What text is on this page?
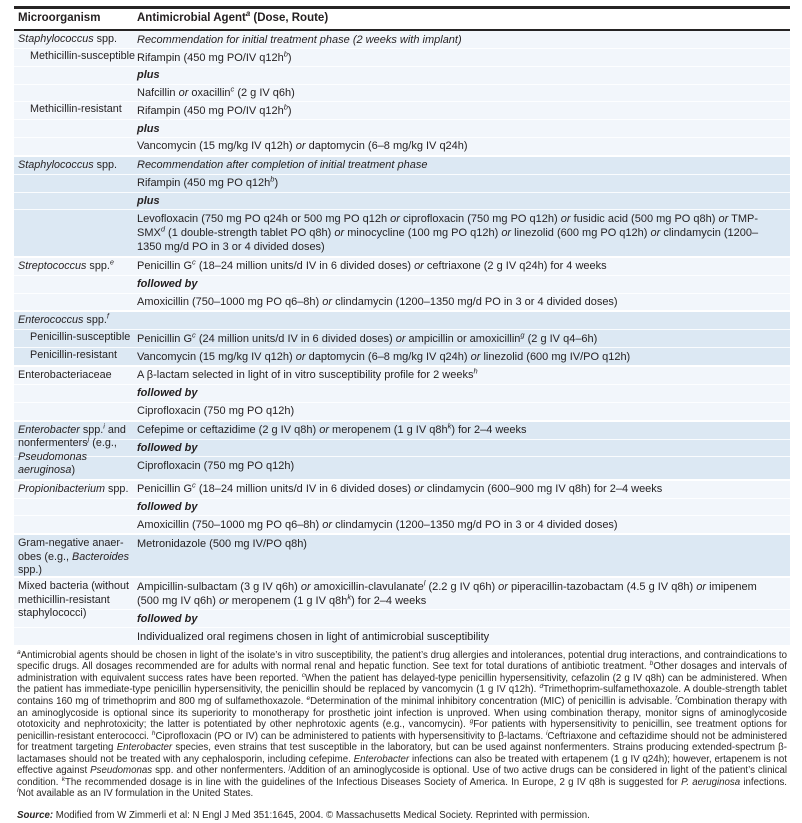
Microorganism	Antimicrobial Agent$^a$ (Dose, Route)
Recommendation for initial treatment phase (2 weeks with implant)
Rifampin (450 mg PO/IV $q12h^b$)
plus
Nafcillin or oxacillin$^c$ (2 g IV q6h)
Rifampin (450 mg PO/IV $q12h^b$)
plus
Vancomycin (15 mg/kg IV q12h) or daptomycin (6–8 mg/kg IV q24h)
Staphylococcus spp.
Methicillin-susceptible
Methicillin-resistant
Recommendation after completion of initial treatment phase
Rifampin (450 mg PO $q12h^b$)
plus
Levofloxacin (750 mg PO q24h or 500 mg PO q12h or ciprofloxacin (750 mg PO q12h) or fusidic acid (500 mg PO q8h) or TMP-SMX$^d$ (1 double-strength tablet PO q8h) or minocycline (100 mg PO q12h) or linezolid (600 mg PO q12h) or clindamycin (1200–1350 mg/d PO in 3 or 4 divided doses)
Staphylococcus spp.
Penicillin $G^c$ (18–24 million units/d IV in 6 divided doses) or ceftriaxone (2 g IV q24h) for 4 weeks
followed by
Amoxicillin (750–1000 mg PO q6–8h) or clindamycin (1200–1350 mg/d PO in 3 or 4 divided doses)
Streptococcus spp.$^e$
Penicillin $G^c$ (24 million units/d IV in 6 divided doses) or ampicillin or amoxicillin$^g$ (2 g IV q4–6h)
Vancomycin (15 mg/kg IV q12h) or daptomycin (6–8 mg/kg IV q24h) or linezolid (600 mg IV/PO q12h)
Enterococcus spp.$^f$
Penicillin-susceptible
Penicillin-resistant
A β-lactam selected in light of in vitro susceptibility profile for 2 weeks$^h$
followed by
Ciprofloxacin (750 mg PO q12h)
Enterobacteriaceae
Cefepime or ceftazidime (2 g IV q8h) or meropenem (1 g IV $q8h^k$) for 2–4 weeks
followed by
Ciprofloxacin (750 mg PO q12h)
Enterobacter spp.$^i$ and nonfermenters$^j$ (e.g., Pseudomonas aeruginosa)
Penicillin $G^c$ (18–24 million units/d IV in 6 divided doses) or clindamycin (600–900 mg IV q8h) for 2–4 weeks
followed by
Amoxicillin (750–1000 mg PO q6–8h) or clindamycin (1200–1350 mg/d PO in 3 or 4 divided doses)
Propionibacterium spp.
Metronidazole (500 mg IV/PO q8h)
Gram-negative anaer-
obes (e.g., Bacteroides
spp.)
Ampicillin-sulbactam (3 g IV q6h) or amoxicillin-clavulanate$^l$ (2.2 g IV q6h) or piperacillin-tazobactam (4.5 g IV q8h) or imipenem (500 mg IV q6h) or meropenem (1 g IV $q8h^k$) for 2–4 weeks
followed by
Individualized oral regimens chosen in light of antimicrobial susceptibility
Mixed bacteria (without methicillin-resistant staphylococci)
$^a$Antimicrobial agents should be chosen in light of the isolate’s in vitro susceptibility, the patient’s drug allergies and intolerances, potential drug interactions, and contraindications to specific drugs. All dosages recommended are for adults with normal renal and hepatic function. See text for total durations of antibiotic treatment. $^b$Other dosages and intervals of administration with equivalent success rates have been reported. $^c$When the patient has delayed-type penicillin hypersensitivity, cefazolin (2 g IV q8h) can be administered. When the patient has immediate-type penicillin hypersensitivity, the penicillin should be replaced by vancomycin (1 g IV q12h). $^d$Trimethoprim-sulfamethoxazole. A double-strength tablet contains 160 mg of trimethoprim and 800 mg of sulfamethoxazole. $^e$Determination of the minimal inhibitory concentration (MIC) of penicillin is advisable. $^f$Combination therapy with an aminoglycoside is optional since its superiority to monotherapy for prosthetic joint infection is unproved. When using combination therapy, monitor signs of aminoglycoside ototoxicity and nephrotoxicity; the latter is potentiated by other nephrotoxic agents (e.g., vancomycin). $^g$For patients with hypersensitivity to penicillin, see treatment options for penicillin-resistant enterococci. $^h$Ciprofloxacin (PO or IV) can be administered to patients with hypersensitivity to β-lactams. $^i$Ceftriaxone and ceftazidime should not be administered for treatment targeting Enterobacter species, even strains that test susceptible in the laboratory, but can be used against nonfermenters. Strains producing extended-spectrum β-lactamases should not be treated with any cephalosporin, including cefepime. Enterobacter infections can also be treated with ertapenem (1 g IV q24h); however, ertapenem is not effective against Pseudomonas spp. and other nonfermenters. $^j$Addition of an aminoglycoside is optional. Use of two active drugs can be considered in light of the patient’s clinical condition. $^k$The recommended dosage is in line with the guidelines of the Infectious Diseases Society of America. In Europe, 2 g IV q8h is suggested for P. aeruginosa infections. $^l$Not available as an IV formulation in the United States.
Source: Modified from W Zimmerli et al: N Engl J Med 351:1645, 2004. © Massachusetts Medical Society. Reprinted with permission.
